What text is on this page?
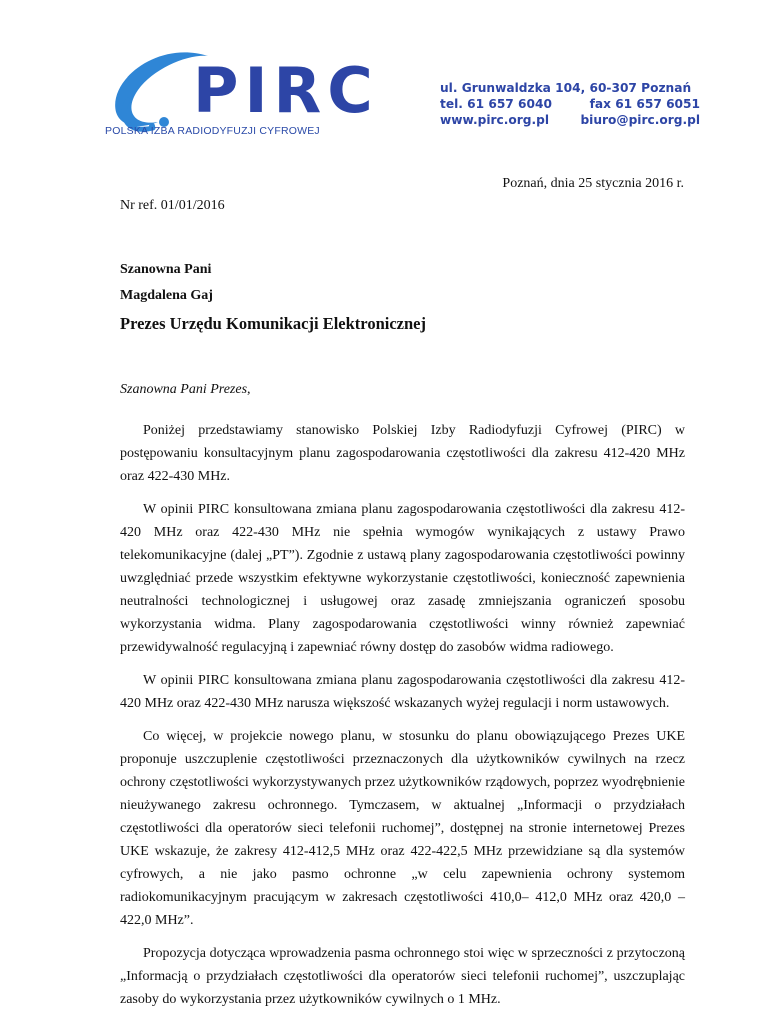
PIRC
POLSKA IZBA RADIODYFUZJI CYFROWEJ
ul. Grunwaldzka 104, 60-307 Poznań
tel. 61 657 6040	fax 61 657 6051
www.pirc.org.pl	biuro@pirc.org.pl
Poznań, dnia 25 stycznia 2016 r.
Nr ref. 01/01/2016
Szanowna Pani
Magdalena Gaj
Prezes Urzędu Komunikacji Elektronicznej
Szanowna Pani Prezes,

Poniżej przedstawiamy stanowisko Polskiej Izby Radiodyfuzji Cyfrowej (PIRC) w postępowaniu konsultacyjnym planu zagospodarowania częstotliwości dla zakresu 412-420 MHz oraz 422-430 MHz.

W opinii PIRC konsultowana zmiana planu zagospodarowania częstotliwości dla zakresu 412-420 MHz oraz 422-430 MHz nie spełnia wymogów wynikających z ustawy Prawo telekomunikacyjne (dalej „PT”). Zgodnie z ustawą plany zagospodarowania częstotliwości powinny uwzględniać przede wszystkim efektywne wykorzystanie częstotliwości, konieczność zapewnienia neutralności technologicznej i usługowej oraz zasadę zmniejszania ograniczeń sposobu wykorzystania widma. Plany zagospodarowania częstotliwości winny również zapewniać przewidywalność regulacyjną i zapewniać równy dostęp do zasobów widma radiowego.

W opinii PIRC konsultowana zmiana planu zagospodarowania częstotliwości dla zakresu 412-420 MHz oraz 422-430 MHz narusza większość wskazanych wyżej regulacji i norm ustawowych.

Co więcej, w projekcie nowego planu, w stosunku do planu obowiązującego Prezes UKE proponuje uszczuplenie częstotliwości przeznaczonych dla użytkowników cywilnych na rzecz ochrony częstotliwości wykorzystywanych przez użytkowników rządowych, poprzez wyodrębnienie nieużywanego zakresu ochronnego. Tymczasem, w aktualnej „Informacji o przydziałach częstotliwości dla operatorów sieci telefonii ruchomej”, dostępnej na stronie internetowej Prezes UKE wskazuje, że zakresy 412-412,5 MHz oraz 422-422,5 MHz przewidziane są dla systemów cyfrowych, a nie jako pasmo ochronne „w celu zapewnienia ochrony systemom radiokomunikacyjnym pracującym w zakresach częstotliwości 410,0– 412,0 MHz oraz 420,0 – 422,0 MHz”.

Propozycja dotycząca wprowadzenia pasma ochronnego stoi więc w sprzeczności z przytoczoną „Informacją o przydziałach częstotliwości dla operatorów sieci telefonii ruchomej”, uszczuplając zasoby do wykorzystania przez użytkowników cywilnych o 1 MHz.
